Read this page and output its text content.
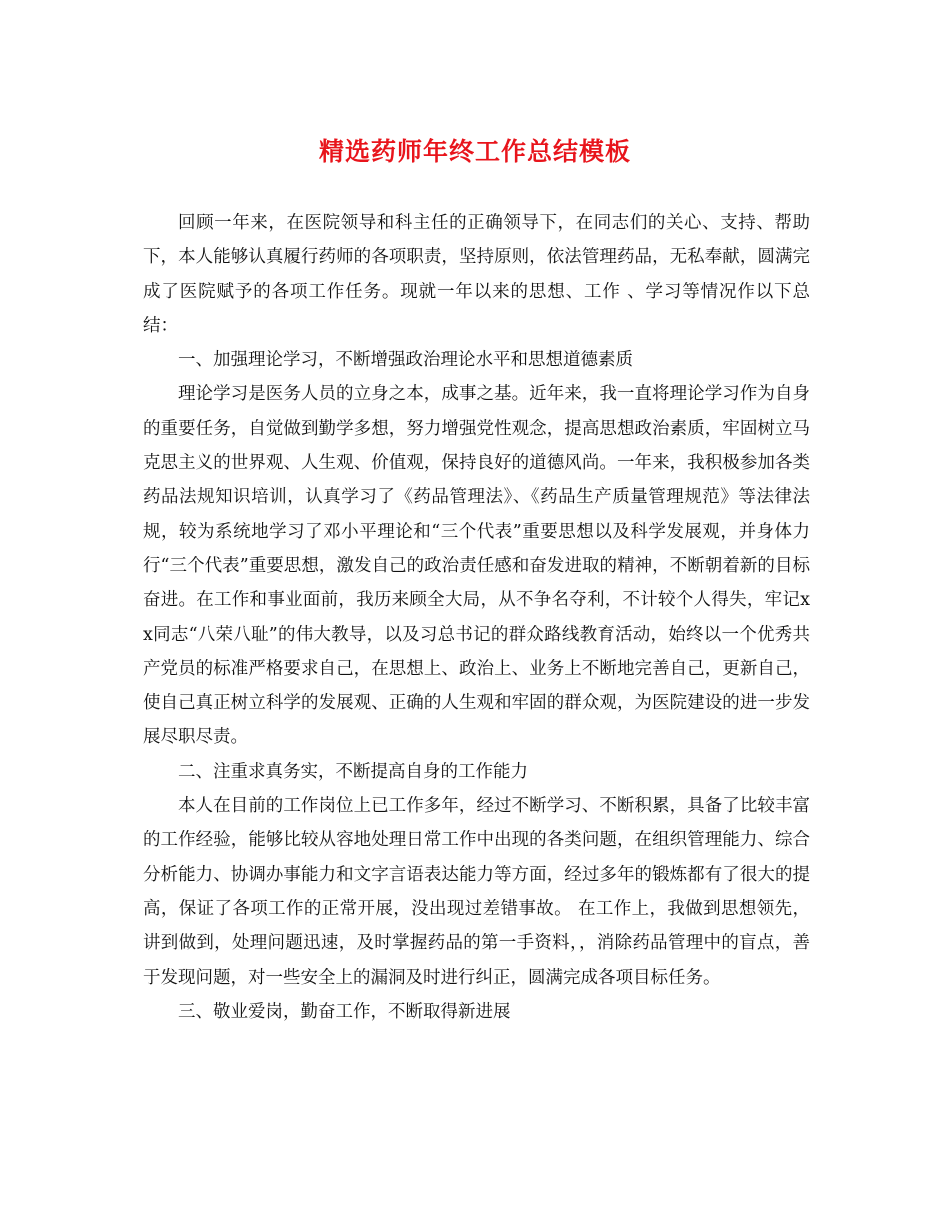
精选药师年终工作总结模板

回顾一年来，在医院领导和科主任的正确领导下，在同志们的关心、支持、帮助下，本人能够认真履行药师的各项职责，坚持原则，依法管理药品，无私奉献，圆满完成了医院赋予的各项工作任务。现就一年以来的思想、工作 、学习等情况作以下总结：

一、加强理论学习，不断增强政治理论水平和思想道德素质

理论学习是医务人员的立身之本，成事之基。近年来，我一直将理论学习作为自身的重要任务，自觉做到勤学多想，努力增强党性观念，提高思想政治素质，牢固树立马克思主义的世界观、人生观、价值观，保持良好的道德风尚。一年来，我积极参加各类药品法规知识培训，认真学习了《药品管理法》、《药品生产质量管理规范》等法律法规，较为系统地学习了邓小平理论和“三个代表”重要思想以及科学发展观，并身体力行“三个代表”重要思想，激发自己的政治责任感和奋发进取的精神，不断朝着新的目标奋进。在工作和事业面前，我历来顾全大局，从不争名夺利，不计较个人得失，牢记xx同志“八荣八耻”的伟大教导，以及习总书记的群众路线教育活动，始终以一个优秀共产党员的标准严格要求自己，在思想上、政治上、业务上不断地完善自己，更新自己，使自己真正树立科学的发展观、正确的人生观和牢固的群众观，为医院建设的进一步发展尽职尽责。

二、注重求真务实，不断提高自身的工作能力

本人在目前的工作岗位上已工作多年，经过不断学习、不断积累，具备了比较丰富的工作经验，能够比较从容地处理日常工作中出现的各类问题，在组织管理能力、综合分析能力、协调办事能力和文字言语表达能力等方面，经过多年的锻炼都有了很大的提高，保证了各项工作的正常开展，没出现过差错事故。 在工作上，我做到思想领先，讲到做到，处理问题迅速，及时掌握药品的第一手资料，，消除药品管理中的盲点，善于发现问题，对一些安全上的漏洞及时进行纠正，圆满完成各项目标任务。

三、敬业爱岗，勤奋工作，不断取得新进展
